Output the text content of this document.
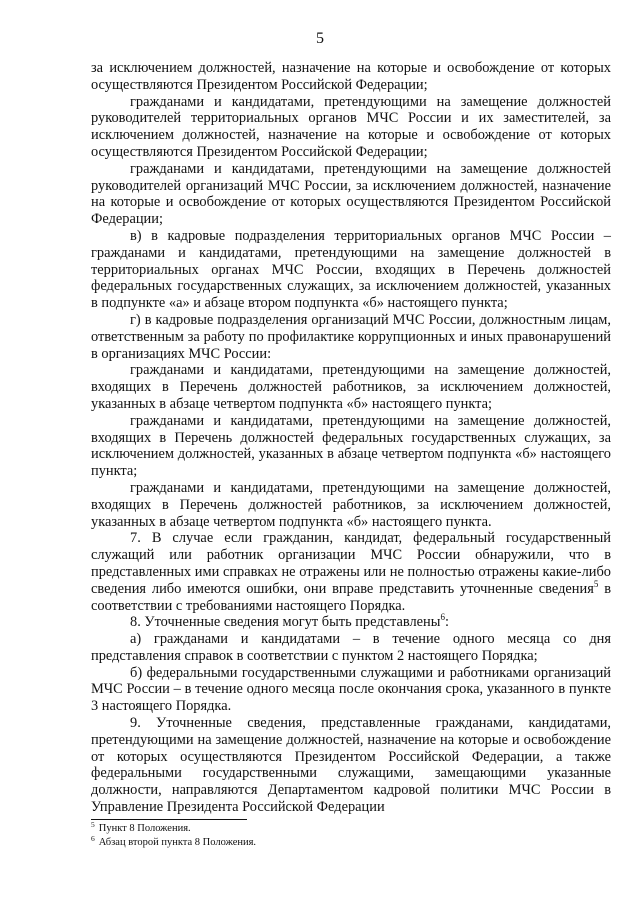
5

за исключением должностей, назначение на которые и освобождение от которых осуществляются Президентом Российской Федерации;

гражданами и кандидатами, претендующими на замещение должностей руководителей территориальных органов МЧС России и их заместителей, за исключением должностей, назначение на которые и освобождение от которых осуществляются Президентом Российской Федерации;

гражданами и кандидатами, претендующими на замещение должностей руководителей организаций МЧС России, за исключением должностей, назначение на которые и освобождение от которых осуществляются Президентом Российской Федерации;

в) в кадровые подразделения территориальных органов МЧС России – гражданами и кандидатами, претендующими на замещение должностей в территориальных органах МЧС России, входящих в Перечень должностей федеральных государственных служащих, за исключением должностей, указанных в подпункте «а» и абзаце втором подпункта «б» настоящего пункта;

г) в кадровые подразделения организаций МЧС России, должностным лицам, ответственным за работу по профилактике коррупционных и иных правонарушений в организациях МЧС России:

гражданами и кандидатами, претендующими на замещение должностей, входящих в Перечень должностей работников, за исключением должностей, указанных в абзаце четвертом подпункта «б» настоящего пункта;

гражданами и кандидатами, претендующими на замещение должностей, входящих в Перечень должностей федеральных государственных служащих, за исключением должностей, указанных в абзаце четвертом подпункта «б» настоящего пункта;

гражданами и кандидатами, претендующими на замещение должностей, входящих в Перечень должностей работников, за исключением должностей, указанных в абзаце четвертом подпункта «б» настоящего пункта.

7. В случае если гражданин, кандидат, федеральный государственный служащий или работник организации МЧС России обнаружили, что в представленных ими справках не отражены или не полностью отражены какие-либо сведения либо имеются ошибки, они вправе представить уточненные сведения$^5$ в соответствии с требованиями настоящего Порядка.

8. Уточненные сведения могут быть представлены$^6$:

а) гражданами и кандидатами – в течение одного месяца со дня представления справок в соответствии с пунктом 2 настоящего Порядка;

б) федеральными государственными служащими и работниками организаций МЧС России – в течение одного месяца после окончания срока, указанного в пункте 3 настоящего Порядка.

9. Уточненные сведения, представленные гражданами, кандидатами, претендующими на замещение должностей, назначение на которые и освобождение от которых осуществляются Президентом Российской Федерации, а также федеральными государственными служащими, замещающими указанные должности, направляются Департаментом кадровой политики МЧС России в Управление Президента Российской Федерации

$^5$ Пункт 8 Положения.
$^6$ Абзац второй пункта 8 Положения.
